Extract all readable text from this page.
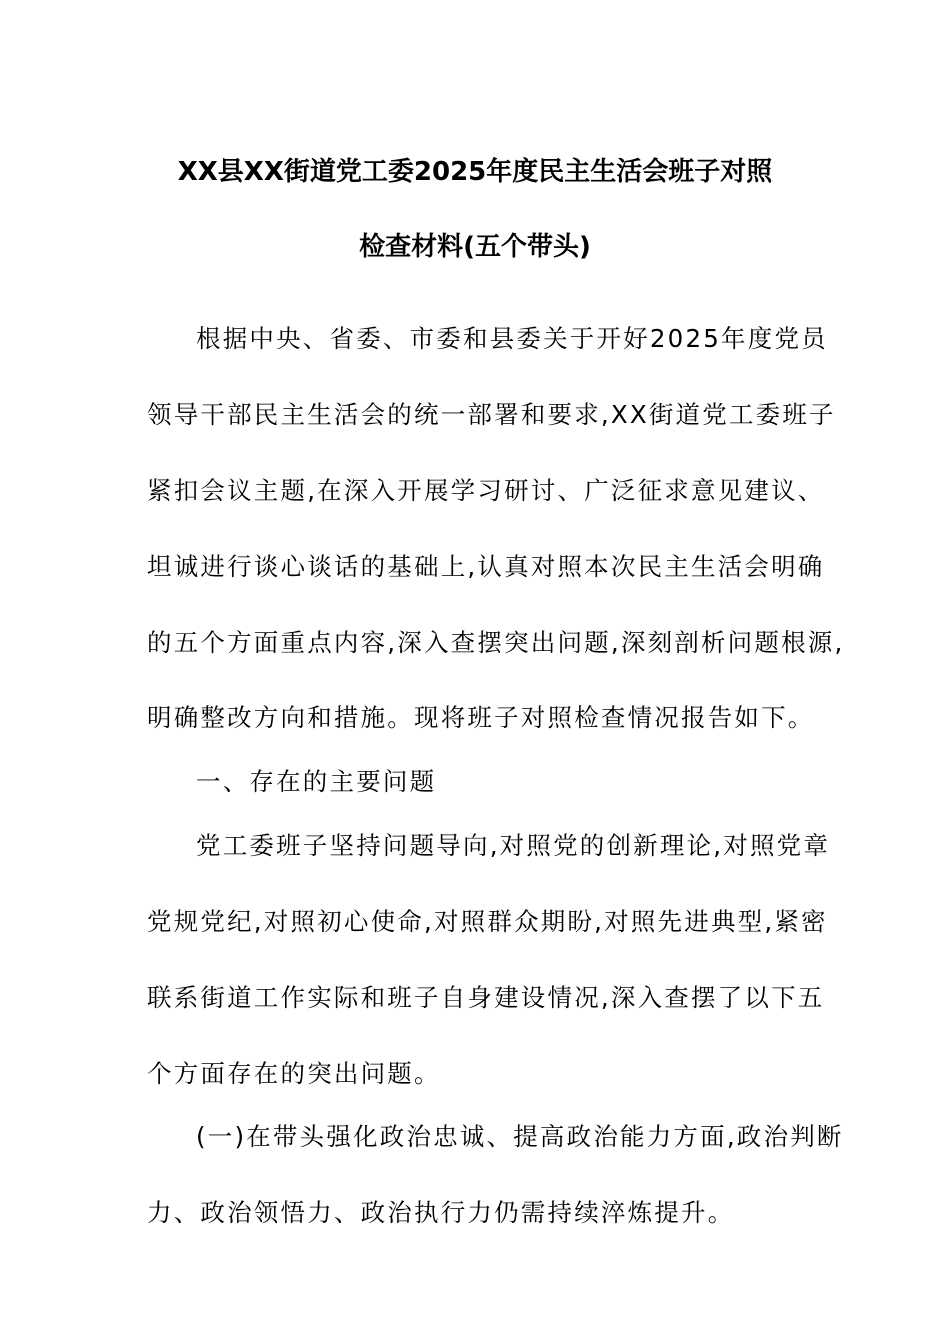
XX县XX街道党工委2025年度民主生活会班子对照
检查材料(五个带头)
根据中央、省委、市委和县委关于开好2025年度党员
领导干部民主生活会的统一部署和要求,XX街道党工委班子
紧扣会议主题,在深入开展学习研讨、广泛征求意见建议、
坦诚进行谈心谈话的基础上,认真对照本次民主生活会明确
的五个方面重点内容,深入查摆突出问题,深刻剖析问题根源,
明确整改方向和措施。现将班子对照检查情况报告如下。
一、存在的主要问题
党工委班子坚持问题导向,对照党的创新理论,对照党章
党规党纪,对照初心使命,对照群众期盼,对照先进典型,紧密
联系街道工作实际和班子自身建设情况,深入查摆了以下五
个方面存在的突出问题。
(一)在带头强化政治忠诚、提高政治能力方面,政治判断
力、政治领悟力、政治执行力仍需持续淬炼提升。
